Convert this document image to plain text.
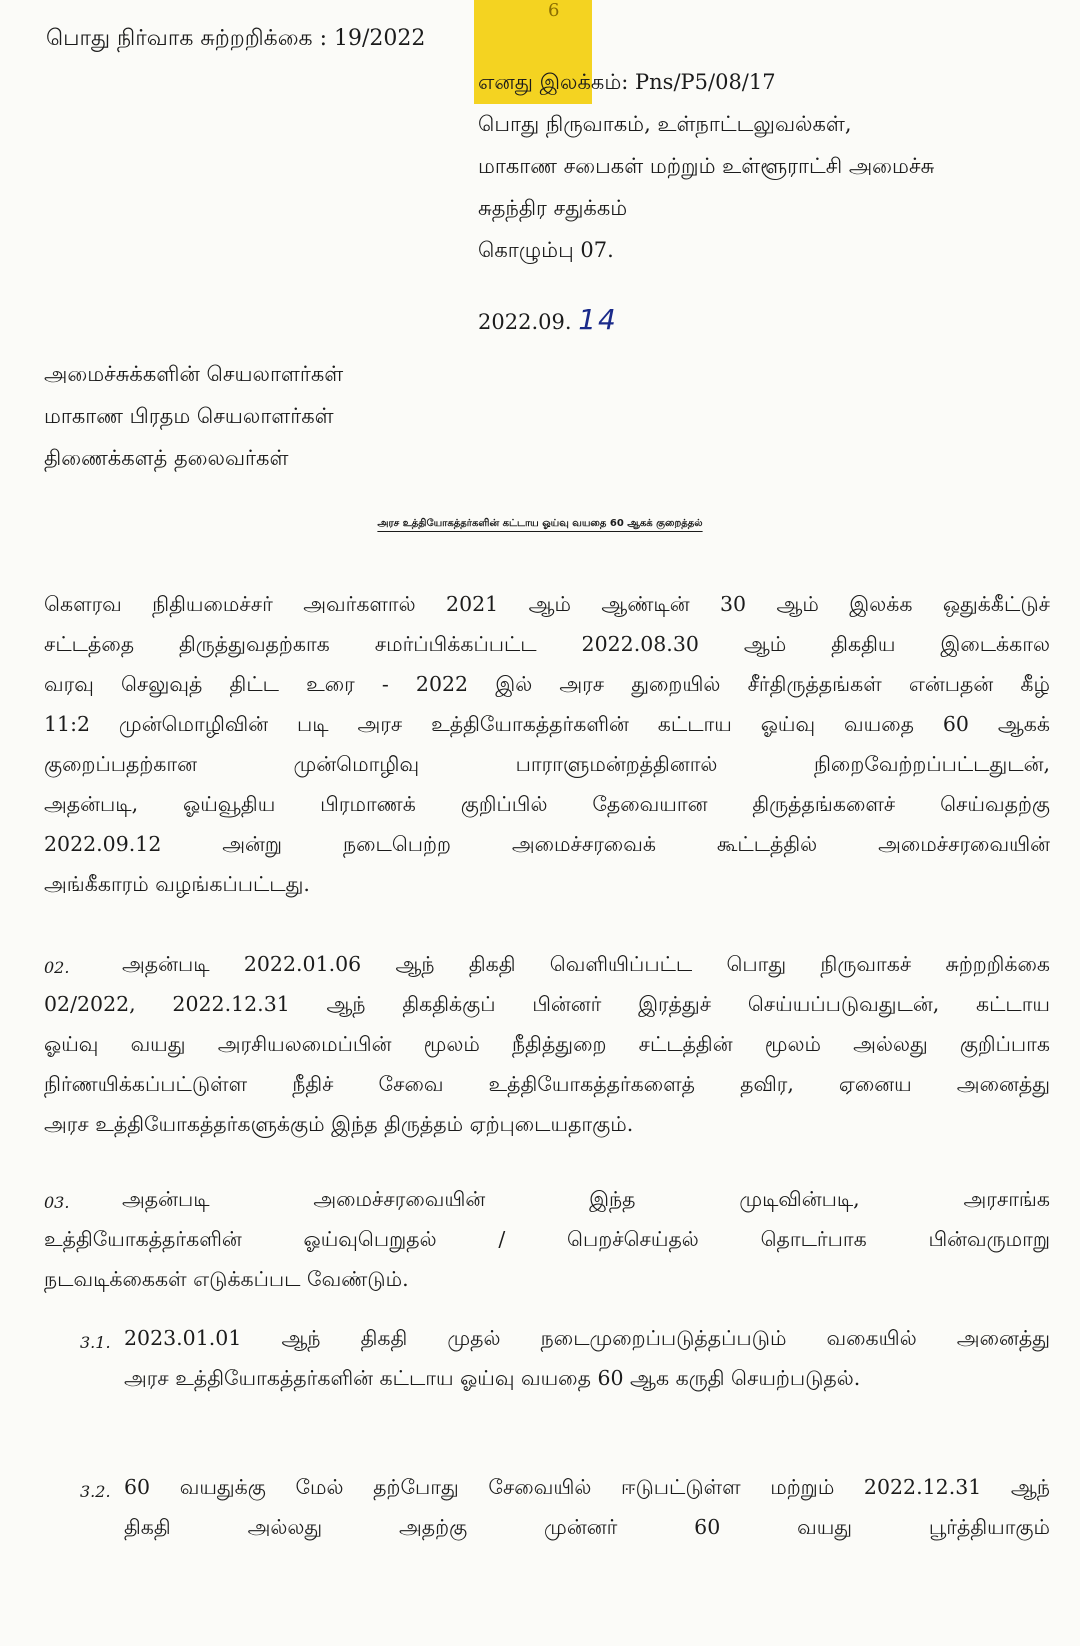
பொது நிர்வாக சுற்றறிக்கை : 19/2022
6
எனது இலக்கம்: Pns/P5/08/17
பொது நிருவாகம், உள்நாட்டலுவல்கள்,
மாகாண சபைகள் மற்றும் உள்ளூராட்சி அமைச்சு
சுதந்திர சதுக்கம்
கொழும்பு 07.
2022.09. 14
அமைச்சுக்களின் செயலாளர்கள்
மாகாண பிரதம செயலாளர்கள்
திணைக்களத் தலைவர்கள்
அரச உத்தியோகத்தர்களின் கட்டாய ஓய்வு வயதை 60 ஆகக் குறைத்தல்
கௌரவ நிதியமைச்சர் அவர்களால் 2021 ஆம் ஆண்டின் 30 ஆம் இலக்க ஒதுக்கீட்டுச்
சட்டத்தை திருத்துவதற்காக சமர்ப்பிக்கப்பட்ட 2022.08.30 ஆம் திகதிய இடைக்கால
வரவு செலுவுத் திட்ட உரை - 2022 இல் அரச துறையில் சீர்திருத்தங்கள் என்பதன் கீழ்
11:2 முன்மொழிவின் படி அரச உத்தியோகத்தர்களின் கட்டாய ஓய்வு வயதை 60 ஆகக்
குறைப்பதற்கான முன்மொழிவு பாராளுமன்றத்தினால் நிறைவேற்றப்பட்டதுடன்,
அதன்படி, ஓய்வூதிய பிரமாணக் குறிப்பில் தேவையான திருத்தங்களைச் செய்வதற்கு
2022.09.12 அன்று நடைபெற்ற அமைச்சரவைக் கூட்டத்தில் அமைச்சரவையின்
அங்கீகாரம் வழங்கப்பட்டது.
02.	அதன்படி 2022.01.06 ஆந் திகதி வெளியிப்பட்ட பொது நிருவாகச் சுற்றறிக்கை
02/2022, 2022.12.31 ஆந் திகதிக்குப் பின்னர் இரத்துச் செய்யப்படுவதுடன், கட்டாய
ஓய்வு வயது அரசியலமைப்பின் மூலம் நீதித்துறை சட்டத்தின் மூலம் அல்லது குறிப்பாக
நிர்ணயிக்கப்பட்டுள்ள நீதிச் சேவை உத்தியோகத்தர்களைத் தவிர, ஏனைய அனைத்து
அரச உத்தியோகத்தர்களுக்கும் இந்த திருத்தம் ஏற்புடையதாகும்.
03.	அதன்படி அமைச்சரவையின் இந்த முடிவின்படி, அரசாங்க
உத்தியோகத்தர்களின் ஓய்வுபெறுதல் / பெறச்செய்தல் தொடர்பாக பின்வருமாறு
நடவடிக்கைகள் எடுக்கப்பட வேண்டும்.
3.1. 2023.01.01 ஆந் திகதி முதல் நடைமுறைப்படுத்தப்படும் வகையில் அனைத்து
அரச உத்தியோகத்தர்களின் கட்டாய ஓய்வு வயதை 60 ஆக கருதி செயற்படுதல்.
3.2. 60 வயதுக்கு மேல் தற்போது சேவையில் ஈடுபட்டுள்ள மற்றும் 2022.12.31 ஆந்
திகதி அல்லது அதற்கு முன்னர் 60 வயது பூர்த்தியாகும்
